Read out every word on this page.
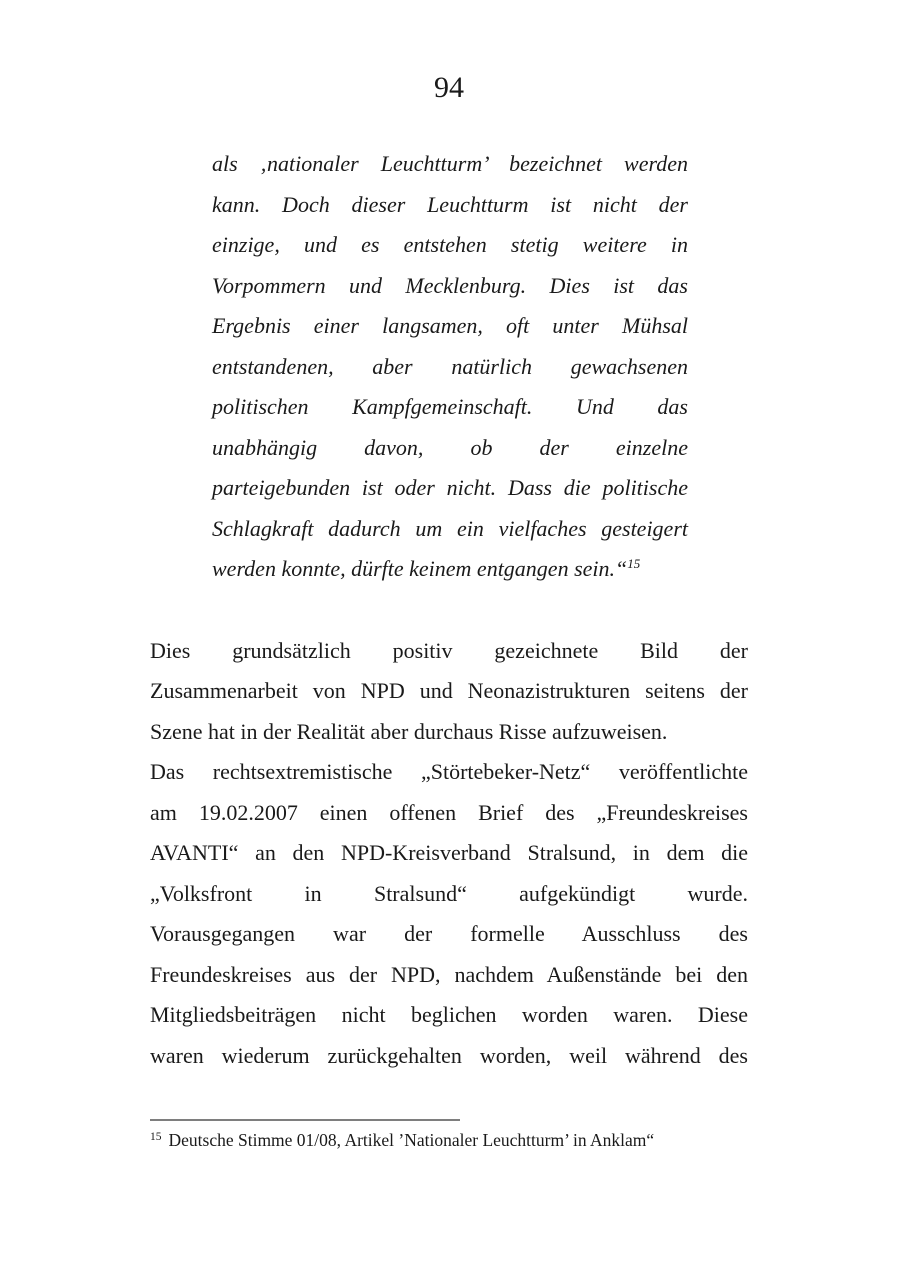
94
als ‚nationaler Leuchtturm’ bezeichnet werden
kann. Doch dieser Leuchtturm ist nicht der
einzige, und es entstehen stetig weitere in
Vorpommern und Mecklenburg. Dies ist das
Ergebnis einer langsamen, oft unter Mühsal
entstandenen, aber natürlich gewachsenen
politischen Kampfgemeinschaft. Und das
unabhängig davon, ob der einzelne
parteigebunden ist oder nicht. Dass die politische
Schlagkraft dadurch um ein vielfaches gesteigert
werden konnte, dürfte keinem entgangen sein.“$^{15}$
Dies grundsätzlich positiv gezeichnete Bild der
Zusammenarbeit von NPD und Neonazistrukturen seitens der
Szene hat in der Realität aber durchaus Risse aufzuweisen.
Das rechtsextremistische „Störtebeker-Netz“ veröffentlichte
am 19.02.2007 einen offenen Brief des „Freundeskreises
AVANTI“ an den NPD-Kreisverband Stralsund, in dem die
„Volksfront in Stralsund“ aufgekündigt wurde.
Vorausgegangen war der formelle Ausschluss des
Freundeskreises aus der NPD, nachdem Außenstände bei den
Mitgliedsbeiträgen nicht beglichen worden waren. Diese
waren wiederum zurückgehalten worden, weil während des
$^{15}$ Deutsche Stimme 01/08, Artikel ’Nationaler Leuchtturm’ in Anklam“
